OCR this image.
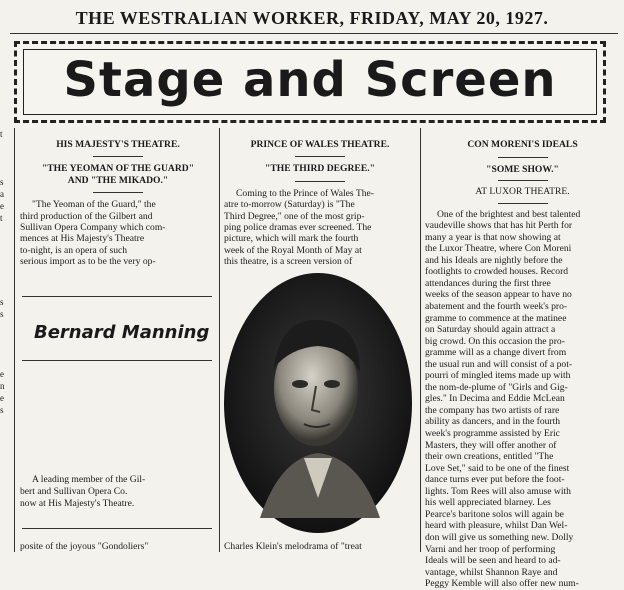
THE WESTRALIAN WORKER, FRIDAY, MAY 20, 1927.
Stage and Screen
t
s
a
e
t
s
s
e
n
e
s
HIS MAJESTY'S THEATRE.
"THE YEOMAN OF THE GUARD"
AND "THE MIKADO."
"The Yeoman of the Guard," the
third production of the Gilbert and
Sullivan Opera Company which com-
mences at His Majesty's Theatre
to-night, is an opera of such
serious import as to be the very op-
Bernard Manning
A leading member of the Gil-
bert and Sullivan Opera Co.
now at His Majesty's Theatre.
posite of the joyous "Gondoliers"
PRINCE OF WALES THEATRE.
"THE THIRD DEGREE."
Coming to the Prince of Wales The-
atre to-morrow (Saturday) is "The
Third Degree," one of the most grip-
ping police dramas ever screened. The
picture, which will mark the fourth
week of the Royal Month of May at
this theatre, is a screen version of
Charles Klein's melodrama of "treat
CON MORENI'S IDEALS
"SOME SHOW."
AT LUXOR THEATRE.
One of the brightest and best talented
vaudeville shows that has hit Perth for
many a year is that now showing at
the Luxor Theatre, where Con Moreni
and his Ideals are nightly before the
footlights to crowded houses. Record
attendances during the first three
weeks of the season appear to have no
abatement and the fourth week's pro-
gramme to commence at the matinee
on Saturday should again attract a
big crowd. On this occasion the pro-
gramme will as a change divert from
the usual run and will consist of a pot-
pourri of mingled items made up with
the nom-de-plume of "Girls and Gig-
gles." In Decima and Eddie McLean
the company has two artists of rare
ability as dancers, and in the fourth
week's programme assisted by Eric
Masters, they will offer another of
their own creations, entitled "The
Love Set," said to be one of the finest
dance turns ever put before the foot-
lights. Tom Rees will also amuse with
his well appreciated blarney. Les
Pearce's baritone solos will again be
heard with pleasure, whilst Dan Wel-
don will give us something new. Dolly
Varni and her troop of performing
Ideals will be seen and heard to ad-
vantage, whilst Shannon Raye and
Peggy Kemble will also offer new num-
